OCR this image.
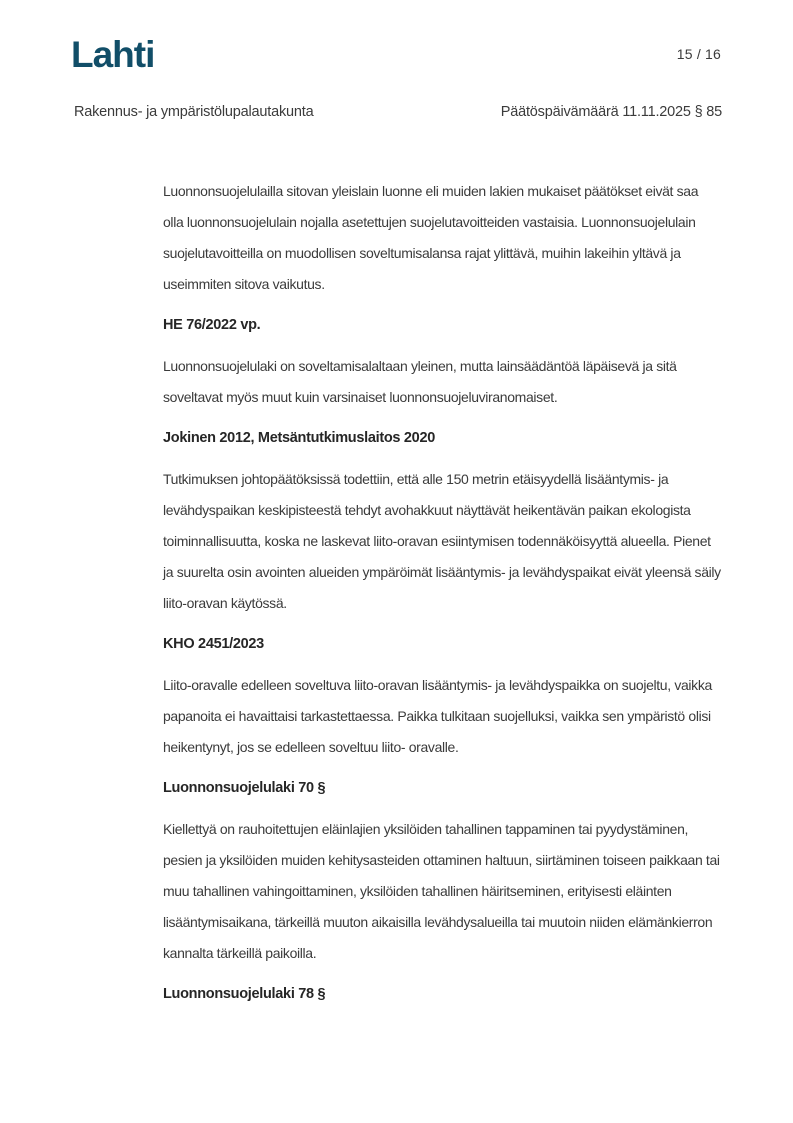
Lahti	15 / 16
Rakennus- ja ympäristölupalautakunta	Päätöspäivämäärä 11.11.2025 § 85

Luonnonsuojelulailla sitovan yleislain luonne eli muiden lakien mukaiset päätökset eivät saa olla luonnonsuojelulain nojalla asetettujen suojelutavoitteiden vastaisia. Luonnonsuojelulain suojelutavoitteilla on muodollisen soveltumisalansa rajat ylittävä, muihin lakeihin yltävä ja useimmiten sitova vaikutus.

HE 76/2022 vp.

Luonnonsuojelulaki on soveltamisalaltaan yleinen, mutta lainsäädäntöä läpäisevä ja sitä soveltavat myös muut kuin varsinaiset luonnonsuojeluviranomaiset.

Jokinen 2012, Metsäntutkimuslaitos 2020

Tutkimuksen johtopäätöksissä todettiin, että alle 150 metrin etäisyydellä lisääntymis- ja levähdyspaikan keskipisteestä tehdyt avohakkuut näyttävät heikentävän paikan ekologista toiminnallisuutta, koska ne laskevat liito-oravan esiintymisen todennäköisyyttä alueella. Pienet ja suurelta osin avointen alueiden ympäröimät lisääntymis- ja levähdyspaikat eivät yleensä säily liito-oravan käytössä.

KHO 2451/2023

Liito-oravalle edelleen soveltuva liito-oravan lisääntymis- ja levähdyspaikka on suojeltu, vaikka papanoita ei havaittaisi tarkastettaessa. Paikka tulkitaan suojelluksi, vaikka sen ympäristö olisi heikentynyt, jos se edelleen soveltuu liito- oravalle.

Luonnonsuojelulaki 70 §

Kiellettyä on rauhoitettujen eläinlajien yksilöiden tahallinen tappaminen tai pyydystäminen, pesien ja yksilöiden muiden kehitysasteiden ottaminen haltuun, siirtäminen toiseen paikkaan tai muu tahallinen vahingoittaminen, yksilöiden tahallinen häiritseminen, erityisesti eläinten lisääntymisaikana, tärkeillä muuton aikaisilla levähdysalueilla tai muutoin niiden elämänkierron kannalta tärkeillä paikoilla.

Luonnonsuojelulaki 78 §
